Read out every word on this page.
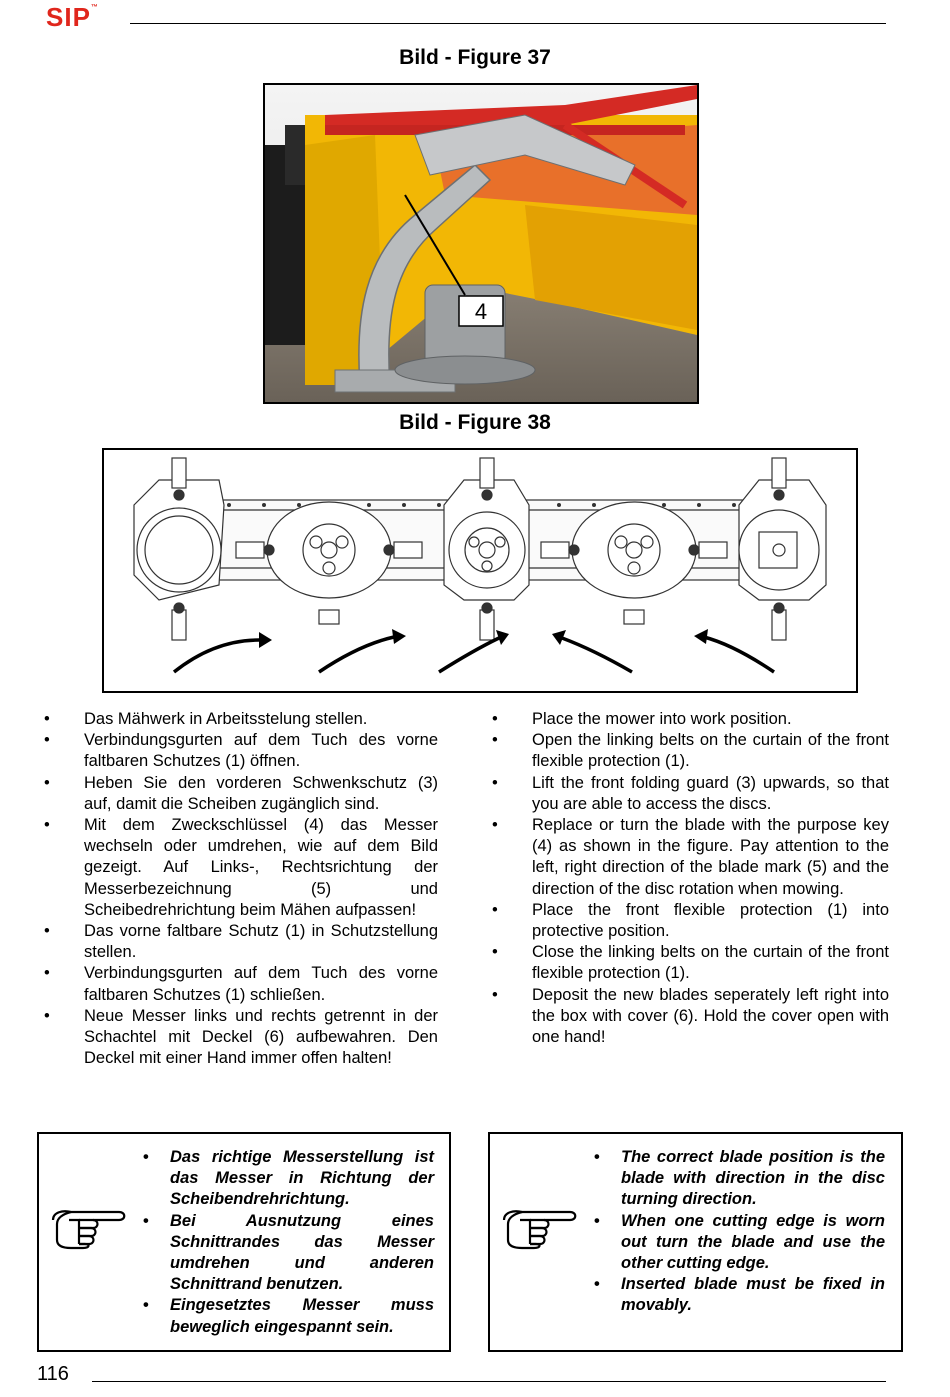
SIP™
Bild - Figure 37
4
Bild - Figure 38
• Das Mähwerk in Arbeitsstelung stellen.
• Verbindungsgurten auf dem Tuch des vorne faltbaren Schutzes (1) öffnen.
• Heben Sie den vorderen Schwenkschutz (3) auf, damit die Scheiben zugänglich sind.
• Mit dem Zweckschlüssel (4) das Messer wechseln oder umdrehen, wie auf dem Bild gezeigt. Auf Links-, Rechtsrichtung der Messerbezeichnung (5) und Scheibedrehrichtung beim Mähen aufpassen!
• Das vorne faltbare Schutz (1) in Schutzstellung stellen.
• Verbindungsgurten auf dem Tuch des vorne faltbaren Schutzes (1) schließen.
• Neue Messer links und rechts getrennt in der Schachtel mit Deckel (6) aufbewahren. Den Deckel mit einer Hand immer offen halten!
• Place the mower into work position.
• Open the linking belts on the curtain of the front flexible protection (1).
• Lift the front folding guard (3) upwards, so that you are able to access the discs.
• Replace or turn the blade with the purpose key (4) as shown in the figure. Pay attention to the left, right direction of the blade mark (5) and the direction of the disc rotation when mowing.
• Place the front flexible protection (1) into protective position.
• Close the linking belts on the curtain of the front flexible protection (1).
• Deposit the new blades seperately left right into the box with cover (6). Hold the cover open with one hand!
• Das richtige Messerstellung ist das Messer in Richtung der Scheibendrehrichtung.
• Bei Ausnutzung eines Schnittrandes das Messer umdrehen und anderen Schnittrand benutzen.
• Eingesetztes Messer muss beweglich eingespannt sein.
• The correct blade position is the blade with direction in the disc turning direction.
• When one cutting edge is worn out turn the blade and use the other cutting edge.
• Inserted blade must be fixed in movably.
116
